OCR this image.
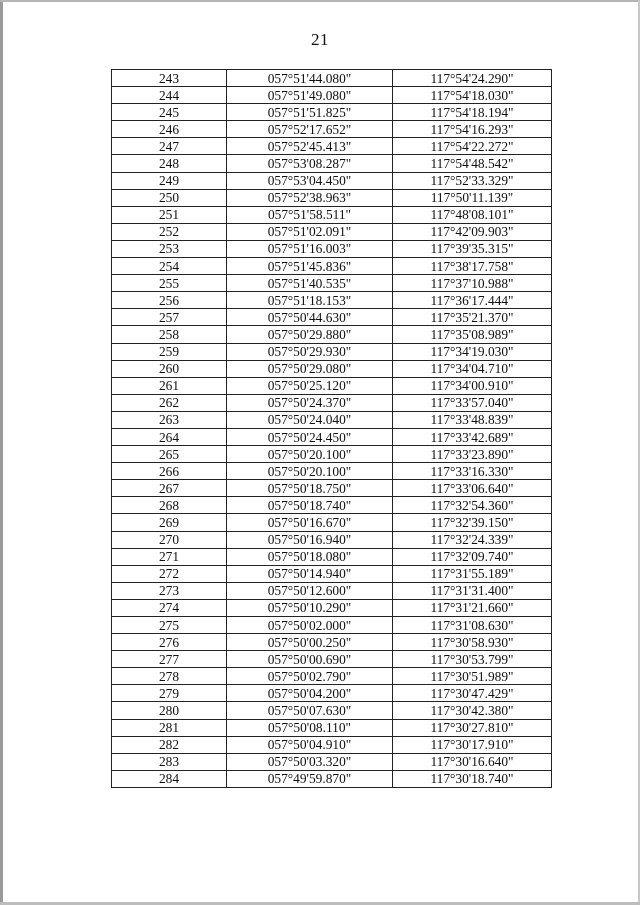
21
243	057°51'44.080"	117°54'24.290"
244	057°51'49.080"	117°54'18.030"
245	057°51'51.825"	117°54'18.194"
246	057°52'17.652"	117°54'16.293"
247	057°52'45.413"	117°54'22.272"
248	057°53'08.287"	117°54'48.542"
249	057°53'04.450"	117°52'33.329"
250	057°52'38.963"	117°50'11.139"
251	057°51'58.511"	117°48'08.101"
252	057°51'02.091"	117°42'09.903"
253	057°51'16.003"	117°39'35.315"
254	057°51'45.836"	117°38'17.758"
255	057°51'40.535"	117°37'10.988"
256	057°51'18.153"	117°36'17.444"
257	057°50'44.630"	117°35'21.370"
258	057°50'29.880"	117°35'08.989"
259	057°50'29.930"	117°34'19.030"
260	057°50'29.080"	117°34'04.710"
261	057°50'25.120"	117°34'00.910"
262	057°50'24.370"	117°33'57.040"
263	057°50'24.040"	117°33'48.839"
264	057°50'24.450"	117°33'42.689"
265	057°50'20.100"	117°33'23.890"
266	057°50'20.100"	117°33'16.330"
267	057°50'18.750"	117°33'06.640"
268	057°50'18.740"	117°32'54.360"
269	057°50'16.670"	117°32'39.150"
270	057°50'16.940"	117°32'24.339"
271	057°50'18.080"	117°32'09.740"
272	057°50'14.940"	117°31'55.189"
273	057°50'12.600"	117°31'31.400"
274	057°50'10.290"	117°31'21.660"
275	057°50'02.000"	117°31'08.630"
276	057°50'00.250"	117°30'58.930"
277	057°50'00.690"	117°30'53.799"
278	057°50'02.790"	117°30'51.989"
279	057°50'04.200"	117°30'47.429"
280	057°50'07.630"	117°30'42.380"
281	057°50'08.110"	117°30'27.810"
282	057°50'04.910"	117°30'17.910"
283	057°50'03.320"	117°30'16.640"
284	057°49'59.870"	117°30'18.740"
